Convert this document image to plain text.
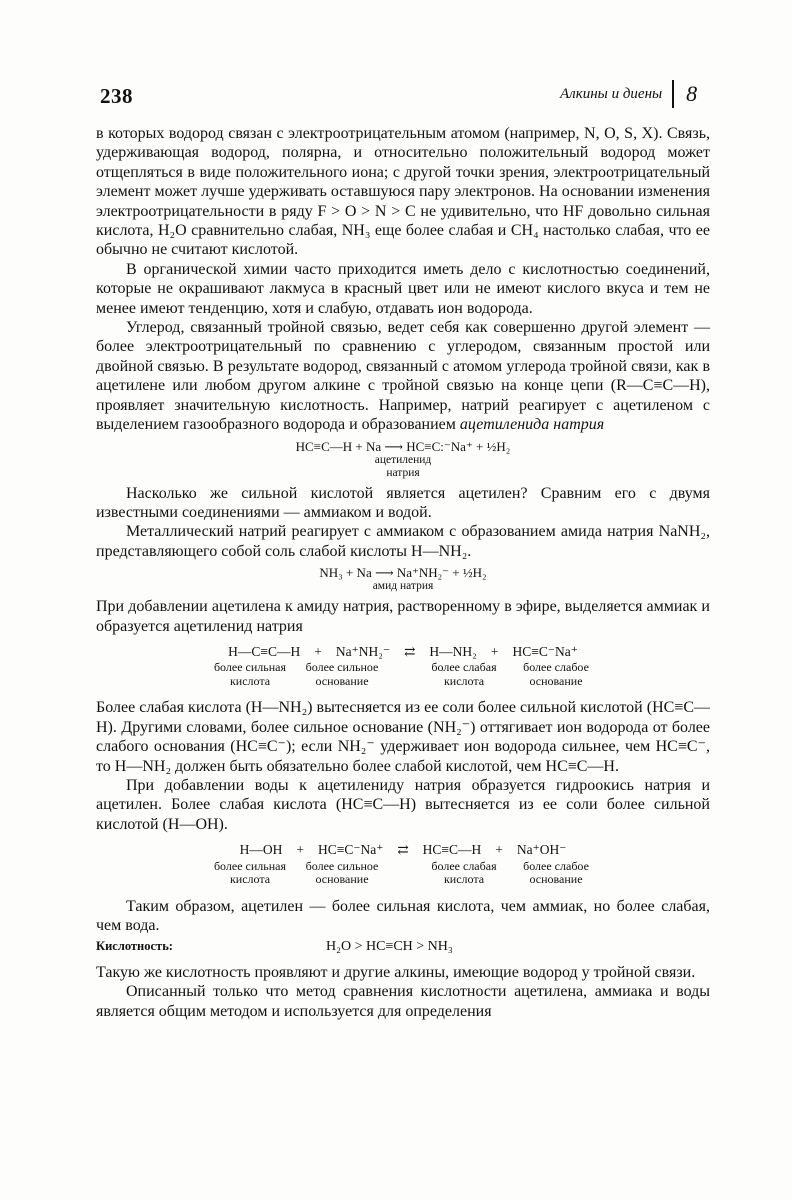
238	Алкины и диены 8

в которых водород связан с электроотрицательным атомом (например, N, O, S, X). Связь, удерживающая водород, полярна, и относительно положительный водород может отщепляться в виде положительного иона; с другой точки зрения, электроотрицательный элемент может лучше удерживать оставшуюся пару электронов. На основании изменения электроотрицательности в ряду F > O > N > C не удивительно, что HF довольно сильная кислота, H₂O сравнительно слабая, NH₃ еще более слабая и CH₄ настолько слабая, что ее обычно не считают кислотой.

В органической химии часто приходится иметь дело с кислотностью соединений, которые не окрашивают лакмуса в красный цвет или не имеют кислого вкуса и тем не менее имеют тенденцию, хотя и слабую, отдавать ион водорода.

Углерод, связанный тройной связью, ведет себя как совершенно другой элемент — более электроотрицательный по сравнению с углеродом, связанным простой или двойной связью. В результате водород, связанный с атомом углерода тройной связи, как в ацетилене или любом другом алкине с тройной связью на конце цепи (R—C≡C—H), проявляет значительную кислотность. Например, натрий реагирует с ацетиленом с выделением газообразного водорода и образованием ацетиленида натрия

HC≡C—H + Na ⟶ HC≡C:⁻Na⁺ + ½H₂
ацетиленид
натрия

Насколько же сильной кислотой является ацетилен? Сравним его с двумя известными соединениями — аммиаком и водой.

Металлический натрий реагирует с аммиаком с образованием амида натрия NaNH₂, представляющего собой соль слабой кислоты H—NH₂.

NH₃ + Na ⟶ Na⁺NH₂⁻ + ½H₂
амид натрия

При добавлении ацетилена к амиду натрия, растворенному в эфире, выделяется аммиак и образуется ацетиленид натрия

H—C≡C—H + Na⁺NH₂⁻ ⇄ H—NH₂ + HC≡C⁻Na⁺
более сильная	более сильное	более слабая	более слабое
кислота	основание	кислота	основание

Более слабая кислота (H—NH₂) вытесняется из ее соли более сильной кислотой (HC≡C—H). Другими словами, более сильное основание (NH₂⁻) оттягивает ион водорода от более слабого основания (HC≡C⁻); если NH₂⁻ удерживает ион водорода сильнее, чем HC≡C⁻, то H—NH₂ должен быть обязательно более слабой кислотой, чем HC≡C—H.

При добавлении воды к ацетилениду натрия образуется гидроокись натрия и ацетилен. Более слабая кислота (HC≡C—H) вытесняется из ее соли более сильной кислотой (H—OH).

H—OH + HC≡C⁻Na⁺ ⇄ HC≡C—H + Na⁺OH⁻
более сильная	более сильное	более слабая	более слабое
кислота	основание	кислота	основание

Таким образом, ацетилен — более сильная кислота, чем аммиак, но более слабая, чем вода.

Кислотность:	H₂O > HC≡CH > NH₃

Такую же кислотность проявляют и другие алкины, имеющие водород у тройной связи.

Описанный только что метод сравнения кислотности ацетилена, аммиака и воды является общим методом и используется для определения
